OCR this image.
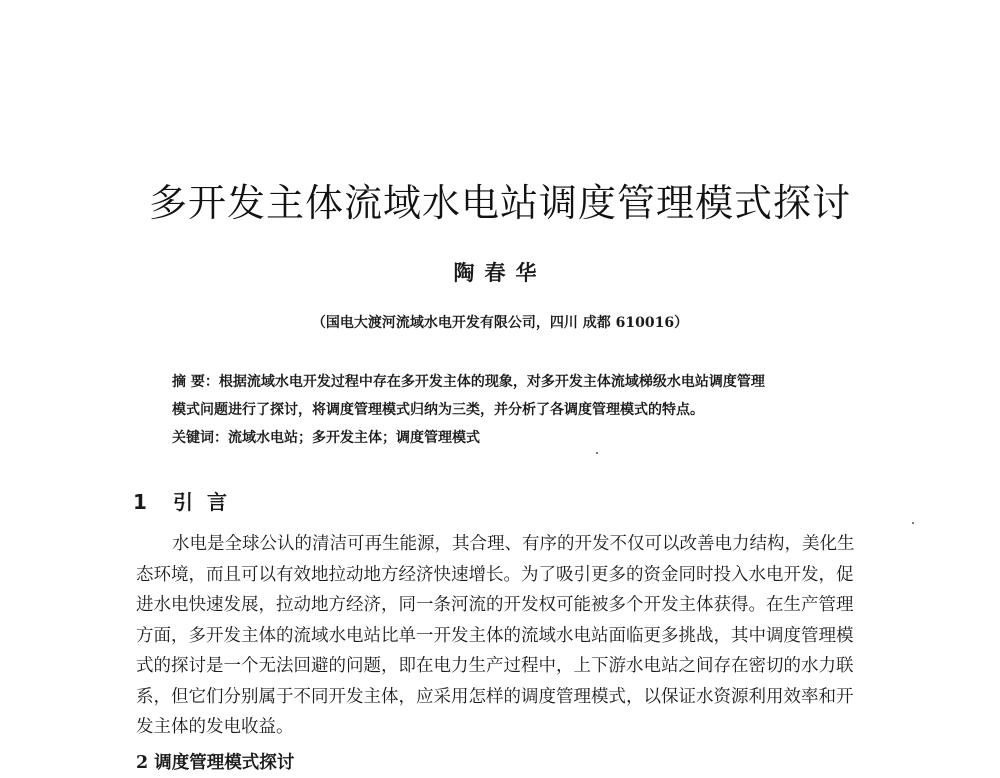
多开发主体流域水电站调度管理模式探讨
陶春华
（国电大渡河流域水电开发有限公司，四川 成都 610016）
摘 要：根据流域水电开发过程中存在多开发主体的现象，对多开发主体流域梯级水电站调度管理
模式问题进行了探讨，将调度管理模式归纳为三类，并分析了各调度管理模式的特点。
关键词：流域水电站；多开发主体；调度管理模式
1 引言
水电是全球公认的清洁可再生能源，其合理、有序的开发不仅可以改善电力结构，美化生
态环境，而且可以有效地拉动地方经济快速增长。为了吸引更多的资金同时投入水电开发，促
进水电快速发展，拉动地方经济，同一条河流的开发权可能被多个开发主体获得。在生产管理
方面，多开发主体的流域水电站比单一开发主体的流域水电站面临更多挑战，其中调度管理模
式的探讨是一个无法回避的问题，即在电力生产过程中，上下游水电站之间存在密切的水力联
系，但它们分别属于不同开发主体，应采用怎样的调度管理模式，以保证水资源利用效率和开
发主体的发电收益。
2 调度管理模式探讨
